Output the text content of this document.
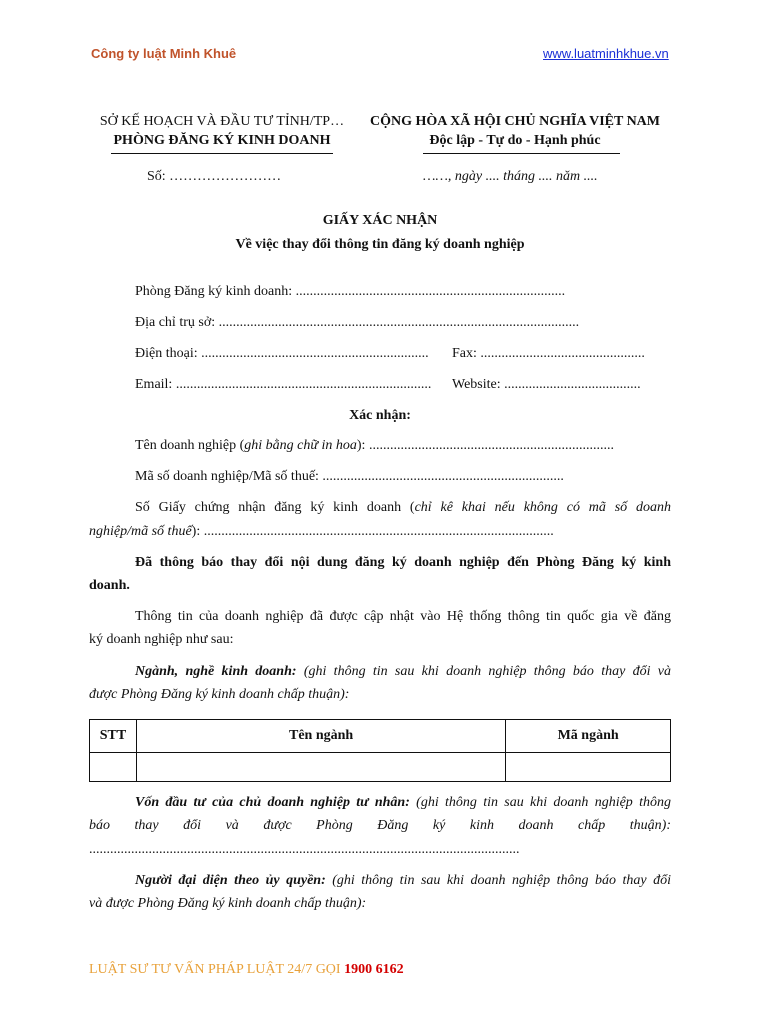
Công ty luật Minh Khuê	www.luatminhkhue.vn
SỞ KẾ HOẠCH VÀ ĐẦU TƯ TỈNH/TP…
PHÒNG ĐĂNG KÝ KINH DOANH
Số: ……………………
CỘNG HÒA XÃ HỘI CHỦ NGHĨA VIỆT NAM
Độc lập - Tự do - Hạnh phúc
……, ngày .... tháng .... năm ....
GIẤY XÁC NHẬN
Về việc thay đổi thông tin đăng ký doanh nghiệp
Phòng Đăng ký kinh doanh: .............................................................................
Địa chỉ trụ sở: .......................................................................................................
Điện thoại: ................................................................. Fax: ...............................................
Email: ......................................................................... Website: .......................................
Xác nhận:
Tên doanh nghiệp (ghi bằng chữ in hoa): ......................................................................
Mã số doanh nghiệp/Mã số thuế: .....................................................................
Số Giấy chứng nhận đăng ký kinh doanh (chỉ kê khai nếu không có mã số doanh
nghiệp/mã số thuế): ....................................................................................................
Đã thông báo thay đổi nội dung đăng ký doanh nghiệp đến Phòng Đăng ký kinh
doanh.
Thông tin của doanh nghiệp đã được cập nhật vào Hệ thống thông tin quốc gia về đăng
ký doanh nghiệp như sau:
Ngành, nghề kinh doanh: (ghi thông tin sau khi doanh nghiệp thông báo thay đổi và
được Phòng Đăng ký kinh doanh chấp thuận):
STT	Tên ngành	Mã ngành

Vốn đầu tư của chủ doanh nghiệp tư nhân: (ghi thông tin sau khi doanh nghiệp thông
báo thay đổi và được Phòng Đăng ký kinh doanh chấp thuận):
...........................................................................................................................
Người đại diện theo ủy quyền: (ghi thông tin sau khi doanh nghiệp thông báo thay đổi
và được Phòng Đăng ký kinh doanh chấp thuận):
LUẬT SƯ TƯ VẤN PHÁP LUẬT 24/7 GỌI 1900 6162
